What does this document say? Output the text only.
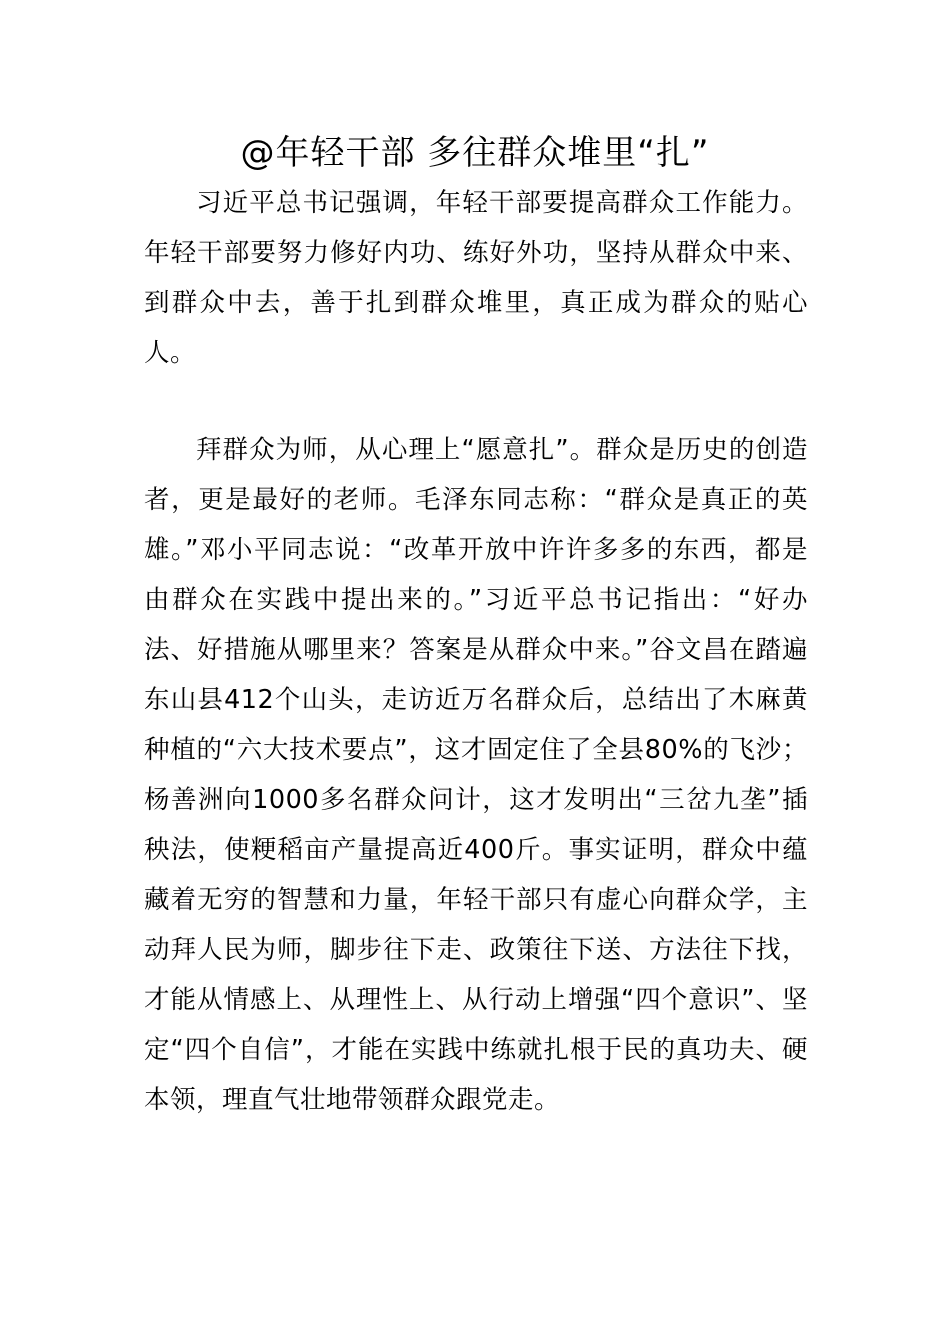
@年轻干部 多往群众堆里“扎”

习近平总书记强调，年轻干部要提高群众工作能力。年轻干部要努力修好内功、练好外功，坚持从群众中来、到群众中去，善于扎到群众堆里，真正成为群众的贴心人。

拜群众为师，从心理上“愿意扎”。群众是历史的创造者，更是最好的老师。毛泽东同志称：“群众是真正的英雄。”邓小平同志说：“改革开放中许许多多的东西，都是由群众在实践中提出来的。”习近平总书记指出：“好办法、好措施从哪里来？答案是从群众中来。”谷文昌在踏遍东山县412个山头，走访近万名群众后，总结出了木麻黄种植的“六大技术要点”，这才固定住了全县80%的飞沙；杨善洲向1000多名群众问计，这才发明出“三岔九垄”插秧法，使粳稻亩产量提高近400斤。事实证明，群众中蕴藏着无穷的智慧和力量，年轻干部只有虚心向群众学，主动拜人民为师，脚步往下走、政策往下送、方法往下找，才能从情感上、从理性上、从行动上增强“四个意识”、坚定“四个自信”，才能在实践中练就扎根于民的真功夫、硬本领，理直气壮地带领群众跟党走。
